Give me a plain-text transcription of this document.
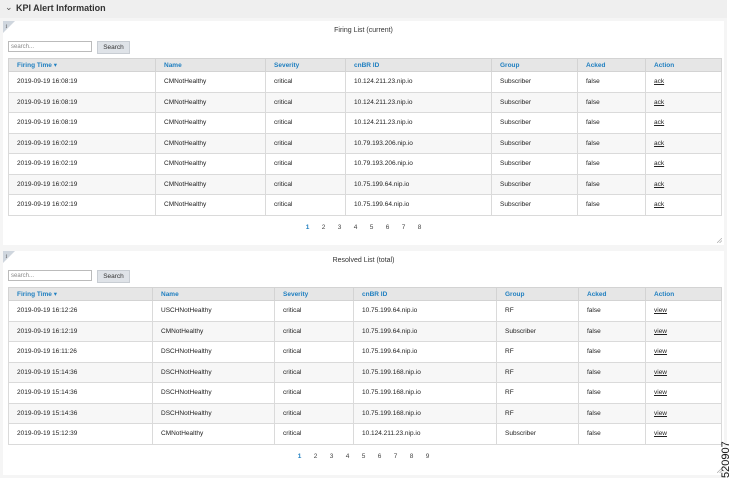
⌄ KPI Alert Information
i	Firing List (current)
search...	Search
Firing Time ▾	Name	Severity	cnBR ID	Group	Acked	Action
2019-09-19 16:08:19	CMNotHealthy	critical	10.124.211.23.nip.io	Subscriber	false	ack
2019-09-19 16:08:19	CMNotHealthy	critical	10.124.211.23.nip.io	Subscriber	false	ack
2019-09-19 16:08:19	CMNotHealthy	critical	10.124.211.23.nip.io	Subscriber	false	ack
2019-09-19 16:02:19	CMNotHealthy	critical	10.79.193.206.nip.io	Subscriber	false	ack
2019-09-19 16:02:19	CMNotHealthy	critical	10.79.193.206.nip.io	Subscriber	false	ack
2019-09-19 16:02:19	CMNotHealthy	critical	10.75.199.64.nip.io	Subscriber	false	ack
2019-09-19 16:02:19	CMNotHealthy	critical	10.75.199.64.nip.io	Subscriber	false	ack
1 2 3 4 5 6 7 8
i	Resolved List (total)
search...	Search
Firing Time ▾	Name	Severity	cnBR ID	Group	Acked	Action
2019-09-19 16:12:26	USCHNotHealthy	critical	10.75.199.64.nip.io	RF	false	view
2019-09-19 16:12:19	CMNotHealthy	critical	10.75.199.64.nip.io	Subscriber	false	view
2019-09-19 16:11:26	DSCHNotHealthy	critical	10.75.199.64.nip.io	RF	false	view
2019-09-19 15:14:36	DSCHNotHealthy	critical	10.75.199.168.nip.io	RF	false	view
2019-09-19 15:14:36	DSCHNotHealthy	critical	10.75.199.168.nip.io	RF	false	view
2019-09-19 15:14:36	DSCHNotHealthy	critical	10.75.199.168.nip.io	RF	false	view
2019-09-19 15:12:39	CMNotHealthy	critical	10.124.211.23.nip.io	Subscriber	false	view
1 2 3 4 5 6 7 8 9	520907
